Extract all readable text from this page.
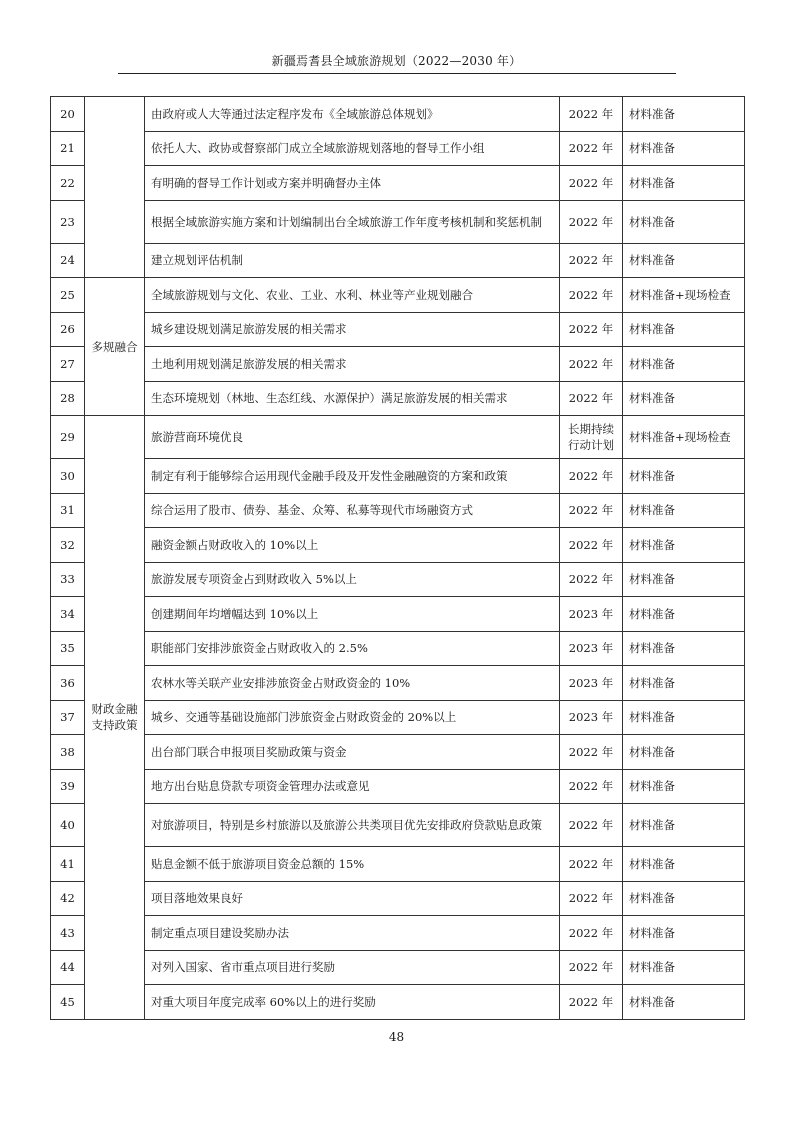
新疆焉耆县全域旅游规划（2022—2030 年）
20		由政府或人大等通过法定程序发布《全域旅游总体规划》	2022 年	材料准备
21		依托人大、政协或督察部门成立全域旅游规划落地的督导工作小组	2022 年	材料准备
22		有明确的督导工作计划或方案并明确督办主体	2022 年	材料准备
23		根据全域旅游实施方案和计划编制出台全域旅游工作年度考核机制和奖惩机制	2022 年	材料准备
24		建立规划评估机制	2022 年	材料准备
25	多规融合	全域旅游规划与文化、农业、工业、水利、林业等产业规划融合	2022 年	材料准备+现场检查
26		城乡建设规划满足旅游发展的相关需求	2022 年	材料准备
27		土地利用规划满足旅游发展的相关需求	2022 年	材料准备
28		生态环境规划（林地、生态红线、水源保护）满足旅游发展的相关需求	2022 年	材料准备
29	财政金融支持政策	旅游营商环境优良	长期持续行动计划	材料准备+现场检查
30		制定有利于能够综合运用现代金融手段及开发性金融融资的方案和政策	2022 年	材料准备
31		综合运用了股市、债券、基金、众筹、私募等现代市场融资方式	2022 年	材料准备
32		融资金额占财政收入的 10%以上	2022 年	材料准备
33		旅游发展专项资金占到财政收入 5%以上	2022 年	材料准备
34		创建期间年均增幅达到 10%以上	2023 年	材料准备
35		职能部门安排涉旅资金占财政收入的 2.5%	2023 年	材料准备
36		农林水等关联产业安排涉旅资金占财政资金的 10%	2023 年	材料准备
37		城乡、交通等基础设施部门涉旅资金占财政资金的 20%以上	2023 年	材料准备
38		出台部门联合申报项目奖励政策与资金	2022 年	材料准备
39		地方出台贴息贷款专项资金管理办法或意见	2022 年	材料准备
40		对旅游项目，特别是乡村旅游以及旅游公共类项目优先安排政府贷款贴息政策	2022 年	材料准备
41		贴息金额不低于旅游项目资金总额的 15%	2022 年	材料准备
42		项目落地效果良好	2022 年	材料准备
43		制定重点项目建设奖励办法	2022 年	材料准备
44		对列入国家、省市重点项目进行奖励	2022 年	材料准备
45		对重大项目年度完成率 60%以上的进行奖励	2022 年	材料准备
48
